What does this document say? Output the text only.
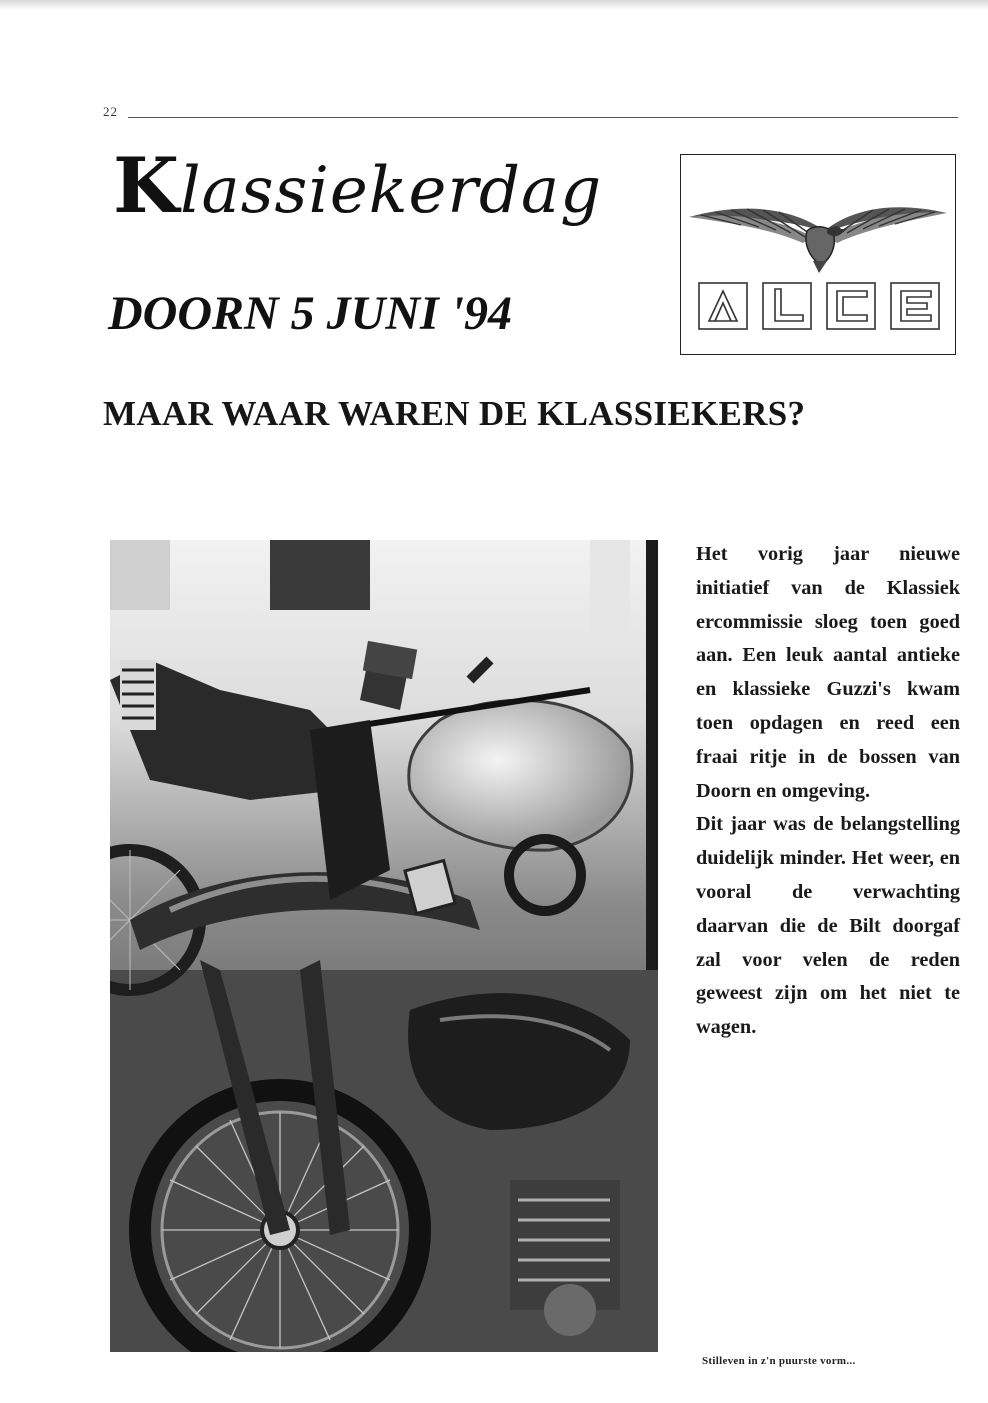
22
Klassiekerdag
DOORN 5 JUNI '94
MAAR WAAR WAREN DE KLASSIEKERS?
Het vorig jaar nieuwe initiatief van de Klassiek ercommissie sloeg toen goed aan. Een leuk aantal antieke en klassieke Guzzi's kwam toen opdagen en reed een fraai ritje in de bossen van Doorn en omgeving.
Dit jaar was de belangstelling duidelijk minder. Het weer, en vooral de verwachting daarvan die de Bilt doorgaf zal voor velen de reden geweest zijn om het niet te wagen.
Stilleven in z'n puurste vorm...
